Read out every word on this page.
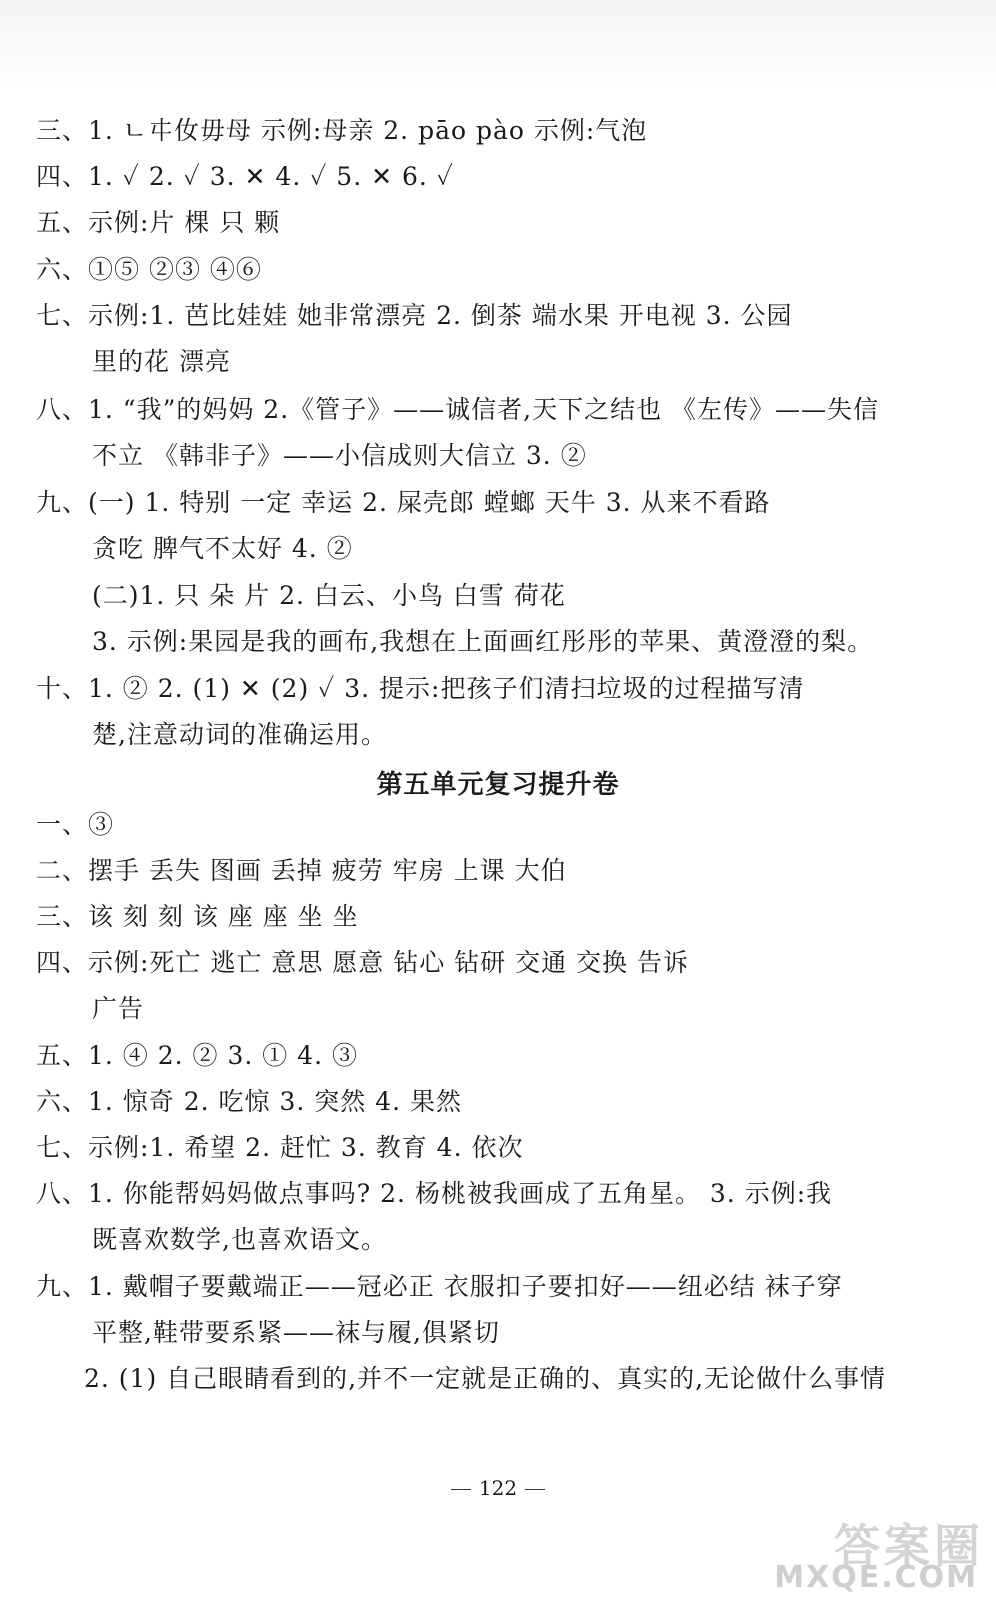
三、1. ㄴ㐄㚢毋母 示例:母亲 2. pāo pào 示例:气泡
四、1. ✓ 2. ✓ 3. ✕ 4. ✓ 5. ✕ 6. ✓
五、示例:片 棵 只 颗
六、①⑤ ②③ ④⑥
七、示例:1. 芭比娃娃 她非常漂亮 2. 倒茶 端水果 开电视 3. 公园
里的花 漂亮
八、1. “我”的妈妈 2.《管子》——诚信者,天下之结也 《左传》——失信
不立 《韩非子》——小信成则大信立 3. ②
九、(一) 1. 特别 一定 幸运 2. 屎壳郎 螳螂 天牛 3. 从来不看路
贪吃 脾气不太好 4. ②
(二)1. 只 朵 片 2. 白云、小鸟 白雪 荷花
3. 示例:果园是我的画布,我想在上面画红彤彤的苹果、黄澄澄的梨。
十、1. ② 2. (1) ✕ (2) ✓ 3. 提示:把孩子们清扫垃圾的过程描写清
楚,注意动词的准确运用。
第五单元复习提升卷
一、③
二、摆手 丢失 图画 丢掉 疲劳 牢房 上课 大伯
三、该 刻 刻 该 座 座 坐 坐
四、示例:死亡 逃亡 意思 愿意 钻心 钻研 交通 交换 告诉
广告
五、1. ④ 2. ② 3. ① 4. ③
六、1. 惊奇 2. 吃惊 3. 突然 4. 果然
七、示例:1. 希望 2. 赶忙 3. 教育 4. 依次
八、1. 你能帮妈妈做点事吗? 2. 杨桃被我画成了五角星。 3. 示例:我
既喜欢数学,也喜欢语文。
九、1. 戴帽子要戴端正——冠必正 衣服扣子要扣好——纽必结 袜子穿
平整,鞋带要系紧——袜与履,俱紧切
2. (1) 自己眼睛看到的,并不一定就是正确的、真实的,无论做什么事情
122
答案圈
MXQE.COM
